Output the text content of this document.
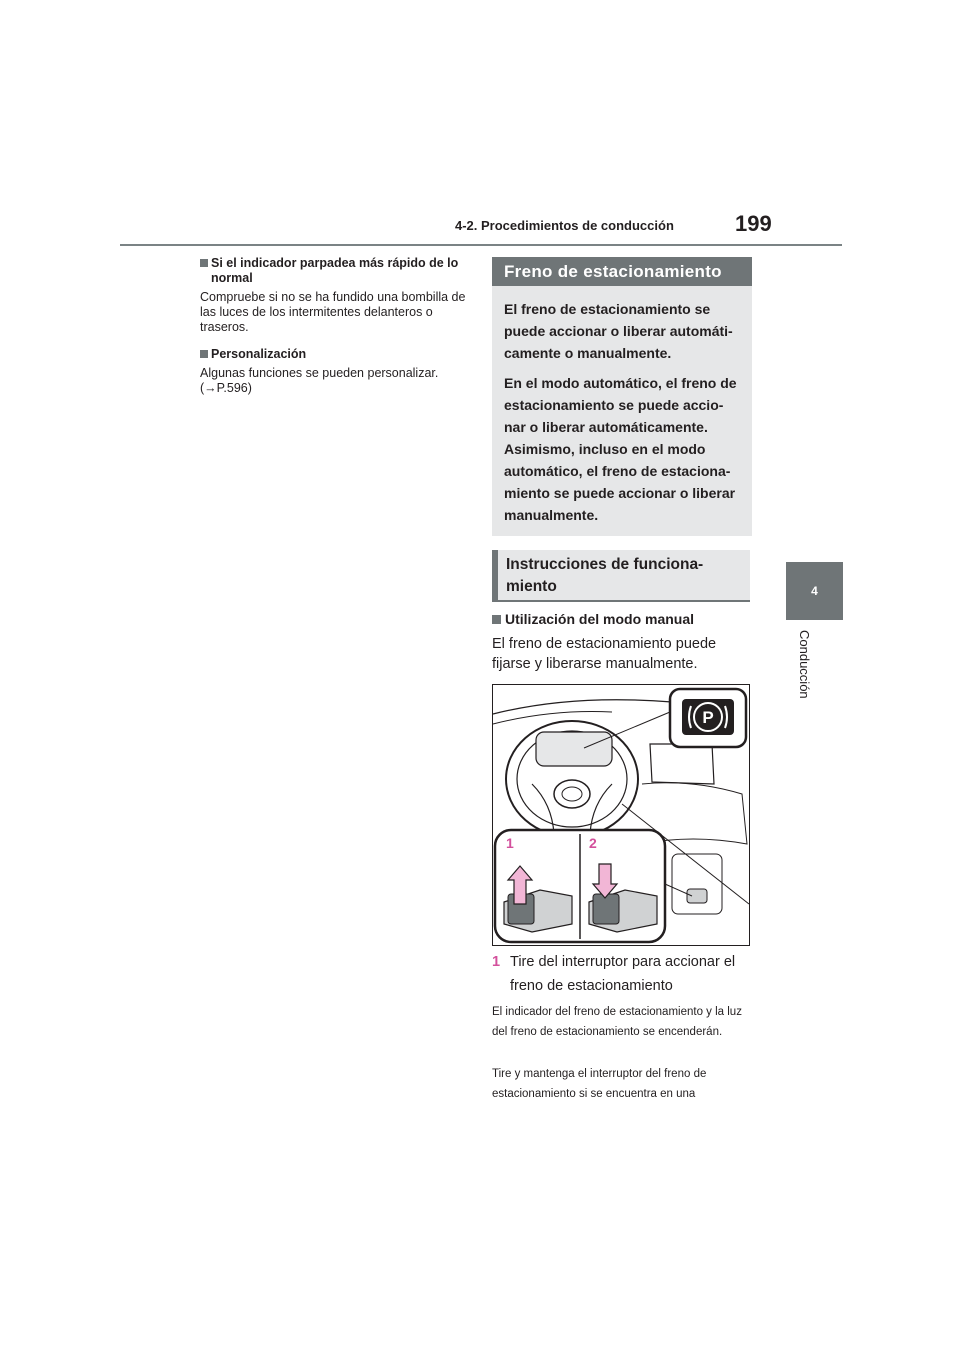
4-2. Procedimientos de conducción	199
4
Conducción
Si el indicador parpadea más rápido de lo normal
Compruebe si no se ha fundido una bombilla de las luces de los intermitentes delanteros o traseros.
Personalización
Algunas funciones se pueden personalizar. (→P.596)
Freno de estacionamiento

El freno de estacionamiento se puede accionar o liberar automáti-camente o manualmente.

En el modo automático, el freno de estacionamiento se puede accio-nar o liberar automáticamente. Asimismo, incluso en el modo automático, el freno de estaciona-miento se puede accionar o liberar manualmente.

Instrucciones de funciona-
miento
Utilización del modo manual
El freno de estacionamiento puede fijarse y liberarse manualmente.
P
1	2
1 Tire del interruptor para accionar el freno de estacionamiento
El indicador del freno de estacionamiento y la luz del freno de estacionamiento se encenderán.
Tire y mantenga el interruptor del freno de estacionamiento si se encuentra en una
